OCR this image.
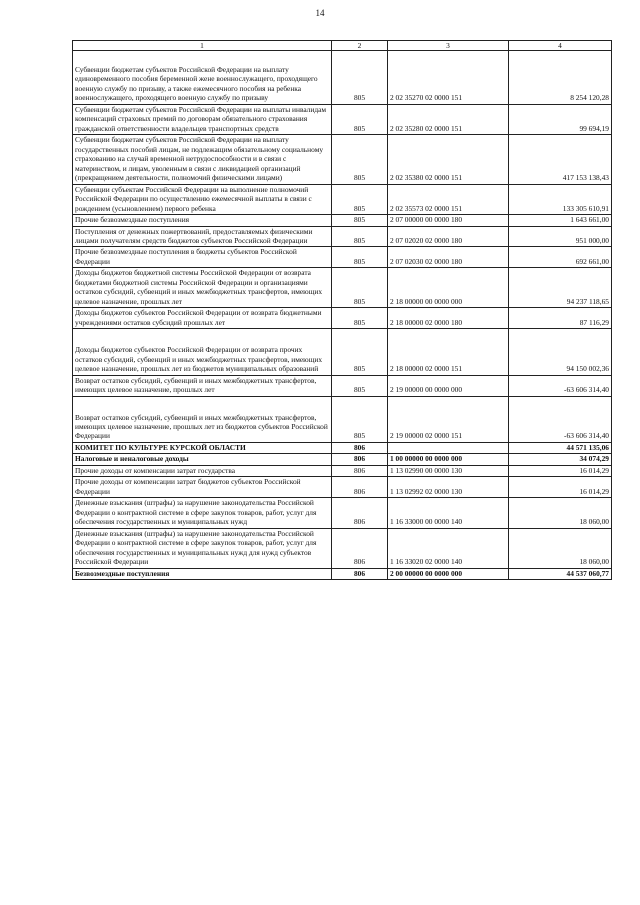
14
1	2	3	4
Субвенции бюджетам субъектов Российской Федерации на выплату единовременного пособия беременной жене военнослужащего, проходящего военную службу по призыву, а также ежемесячного пособия на ребенка военнослужащего, проходящего военную службу по призыву	805	2 02 35270 02 0000 151	8 254 120,28
Субвенции бюджетам субъектов Российской Федерации на выплаты инвалидам компенсаций страховых премий по договорам обязательного страхования гражданской ответственности владельцев транспортных средств	805	2 02 35280 02 0000 151	99 694,19
Субвенции бюджетам субъектов Российской Федерации на выплату государственных пособий лицам, не подлежащим обязательному социальному страхованию на случай временной нетрудоспособности и в связи с материнством, и лицам, уволенным в связи с ликвидацией организаций (прекращением деятельности, полномочий физическими лицами)	805	2 02 35380 02 0000 151	417 153 138,43
Субвенции субъектам Российской Федерации на выполнение полномочий Российской Федерации по осуществлению ежемесячной выплаты в связи с рождением (усыновлением) первого ребенка	805	2 02 35573 02 0000 151	133 305 610,91
Прочие безвозмездные поступления	805	2 07 00000 00 0000 180	1 643 661,00
Поступления от денежных пожертвований, предоставляемых физическими лицами получателям средств бюджетов субъектов Российской Федерации	805	2 07 02020 02 0000 180	951 000,00
Прочие безвозмездные поступления в бюджеты субъектов Российской Федерации	805	2 07 02030 02 0000 180	692 661,00
Доходы бюджетов бюджетной системы Российской Федерации от возврата бюджетами бюджетной системы Российской Федерации и организациями остатков субсидий, субвенций и иных межбюджетных трансфертов, имеющих целевое назначение, прошлых лет	805	2 18 00000 00 0000 000	94 237 118,65
Доходы бюджетов субъектов Российской Федерации от возврата бюджетными учреждениями остатков субсидий прошлых лет	805	2 18 00000 02 0000 180	87 116,29
Доходы бюджетов субъектов Российской Федерации от возврата прочих остатков субсидий, субвенций и иных межбюджетных трансфертов, имеющих целевое назначение, прошлых лет из бюджетов муниципальных образований	805	2 18 00000 02 0000 151	94 150 002,36
Возврат остатков субсидий, субвенций и иных межбюджетных трансфертов, имеющих целевое назначение, прошлых лет	805	2 19 00000 00 0000 000	-63 606 314,40
Возврат остатков субсидий, субвенций и иных межбюджетных трансфертов, имеющих целевое назначение, прошлых лет из бюджетов субъектов Российской Федерации	805	2 19 00000 02 0000 151	-63 606 314,40
КОМИТЕТ ПО КУЛЬТУРЕ КУРСКОЙ ОБЛАСТИ	806		44 571 135,06
Налоговые и неналоговые доходы	806	1 00 00000 00 0000 000	34 074,29
Прочие доходы от компенсации затрат государства	806	1 13 02990 00 0000 130	16 014,29
Прочие доходы от компенсации затрат бюджетов субъектов Российской Федерации	806	1 13 02992 02 0000 130	16 014,29
Денежные взыскания (штрафы) за нарушение законодательства Российской Федерации о контрактной системе в сфере закупок товаров, работ, услуг для обеспечения государственных и муниципальных нужд	806	1 16 33000 00 0000 140	18 060,00
Денежные взыскания (штрафы) за нарушение законодательства Российской Федерации о контрактной системе в сфере закупок товаров, работ, услуг для обеспечения государственных и муниципальных нужд для нужд субъектов Российской Федерации	806	1 16 33020 02 0000 140	18 060,00
Безвозмездные поступления	806	2 00 00000 00 0000 000	44 537 060,77
